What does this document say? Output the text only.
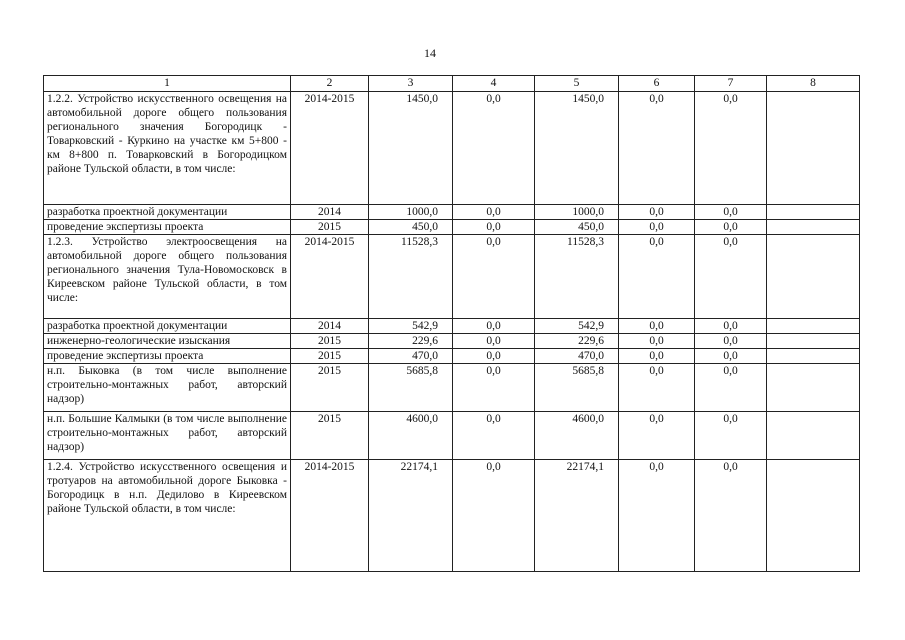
14
1	2	3	4	5	6	7	8
1.2.2. Устройство искусственного освещения на автомобильной дороге общего пользования регионального значения Богородицк - Товарковский - Куркино на участке км 5+800 - км 8+800 п. Товарковский в Богородицком районе Тульской области, в том числе:	2014-2015	1450,0	0,0	1450,0	0,0	0,0	
разработка проектной документации	2014	1000,0	0,0	1000,0	0,0	0,0	
проведение экспертизы проекта	2015	450,0	0,0	450,0	0,0	0,0	
1.2.3. Устройство электроосвещения на автомобильной дороге общего пользования регионального значения Тула-Новомосковск в Киреевском районе Тульской области, в том числе:	2014-2015	11528,3	0,0	11528,3	0,0	0,0	
разработка проектной документации	2014	542,9	0,0	542,9	0,0	0,0	
инженерно-геологические изыскания	2015	229,6	0,0	229,6	0,0	0,0	
проведение экспертизы проекта	2015	470,0	0,0	470,0	0,0	0,0	
н.п. Быковка (в том числе выполнение строительно-монтажных работ, авторский надзор)	2015	5685,8	0,0	5685,8	0,0	0,0	
н.п. Большие Калмыки (в том числе выполнение строительно-монтажных работ, авторский надзор)	2015	4600,0	0,0	4600,0	0,0	0,0	
1.2.4. Устройство искусственного освещения и тротуаров на автомобильной дороге Быковка - Богородицк в н.п. Дедилово в Киреевском районе Тульской области, в том числе:	2014-2015	22174,1	0,0	22174,1	0,0	0,0	
